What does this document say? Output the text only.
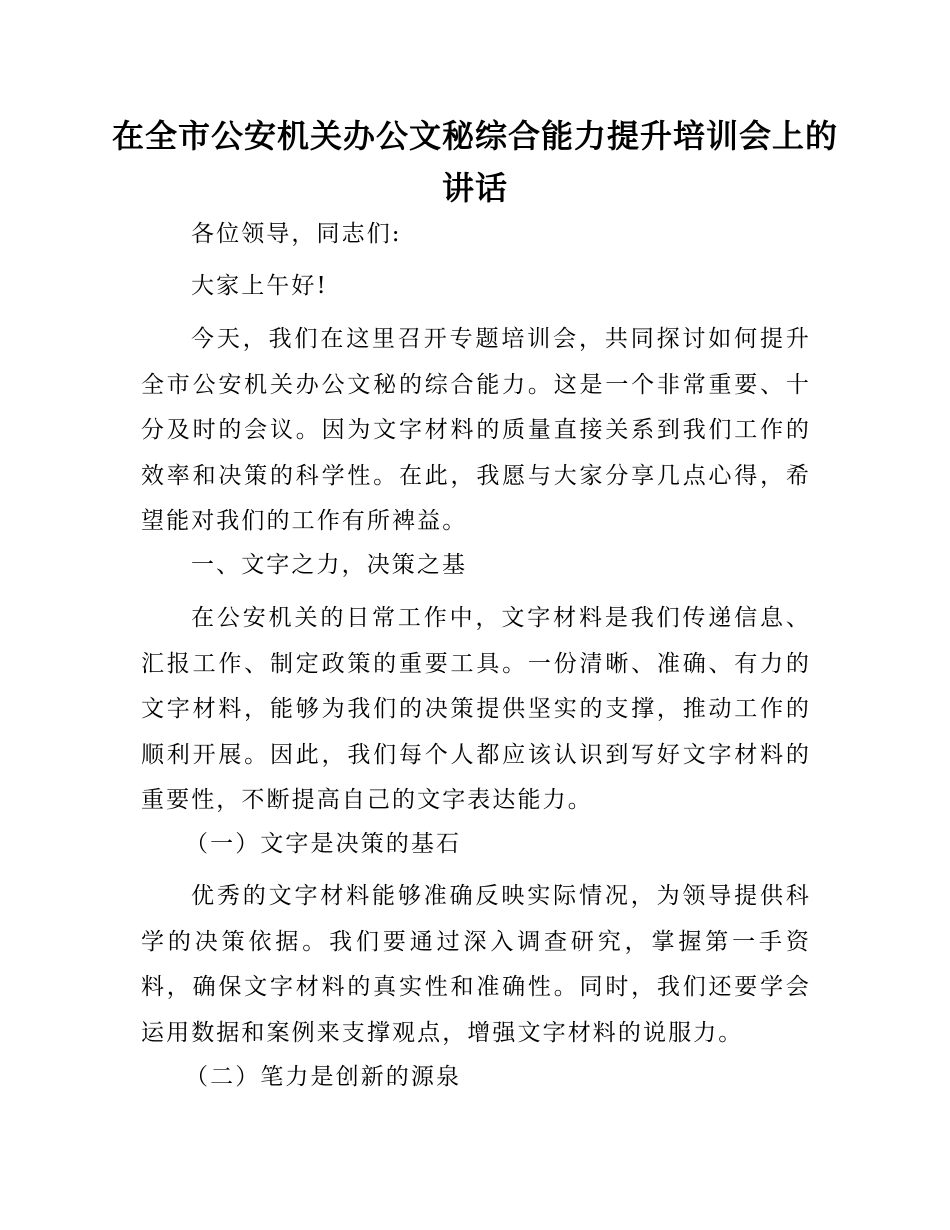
在全市公安机关办公文秘综合能力提升培训会上的讲话

各位领导，同志们:

大家上午好!

今天，我们在这里召开专题培训会，共同探讨如何提升全市公安机关办公文秘的综合能力。这是一个非常重要、十分及时的会议。因为文字材料的质量直接关系到我们工作的效率和决策的科学性。在此，我愿与大家分享几点心得，希望能对我们的工作有所裨益。

一、文字之力，决策之基

在公安机关的日常工作中，文字材料是我们传递信息、汇报工作、制定政策的重要工具。一份清晰、准确、有力的文字材料，能够为我们的决策提供坚实的支撑，推动工作的顺利开展。因此，我们每个人都应该认识到写好文字材料的重要性，不断提高自己的文字表达能力。

（一）文字是决策的基石

优秀的文字材料能够准确反映实际情况，为领导提供科学的决策依据。我们要通过深入调查研究，掌握第一手资料，确保文字材料的真实性和准确性。同时，我们还要学会运用数据和案例来支撑观点，增强文字材料的说服力。

（二）笔力是创新的源泉
